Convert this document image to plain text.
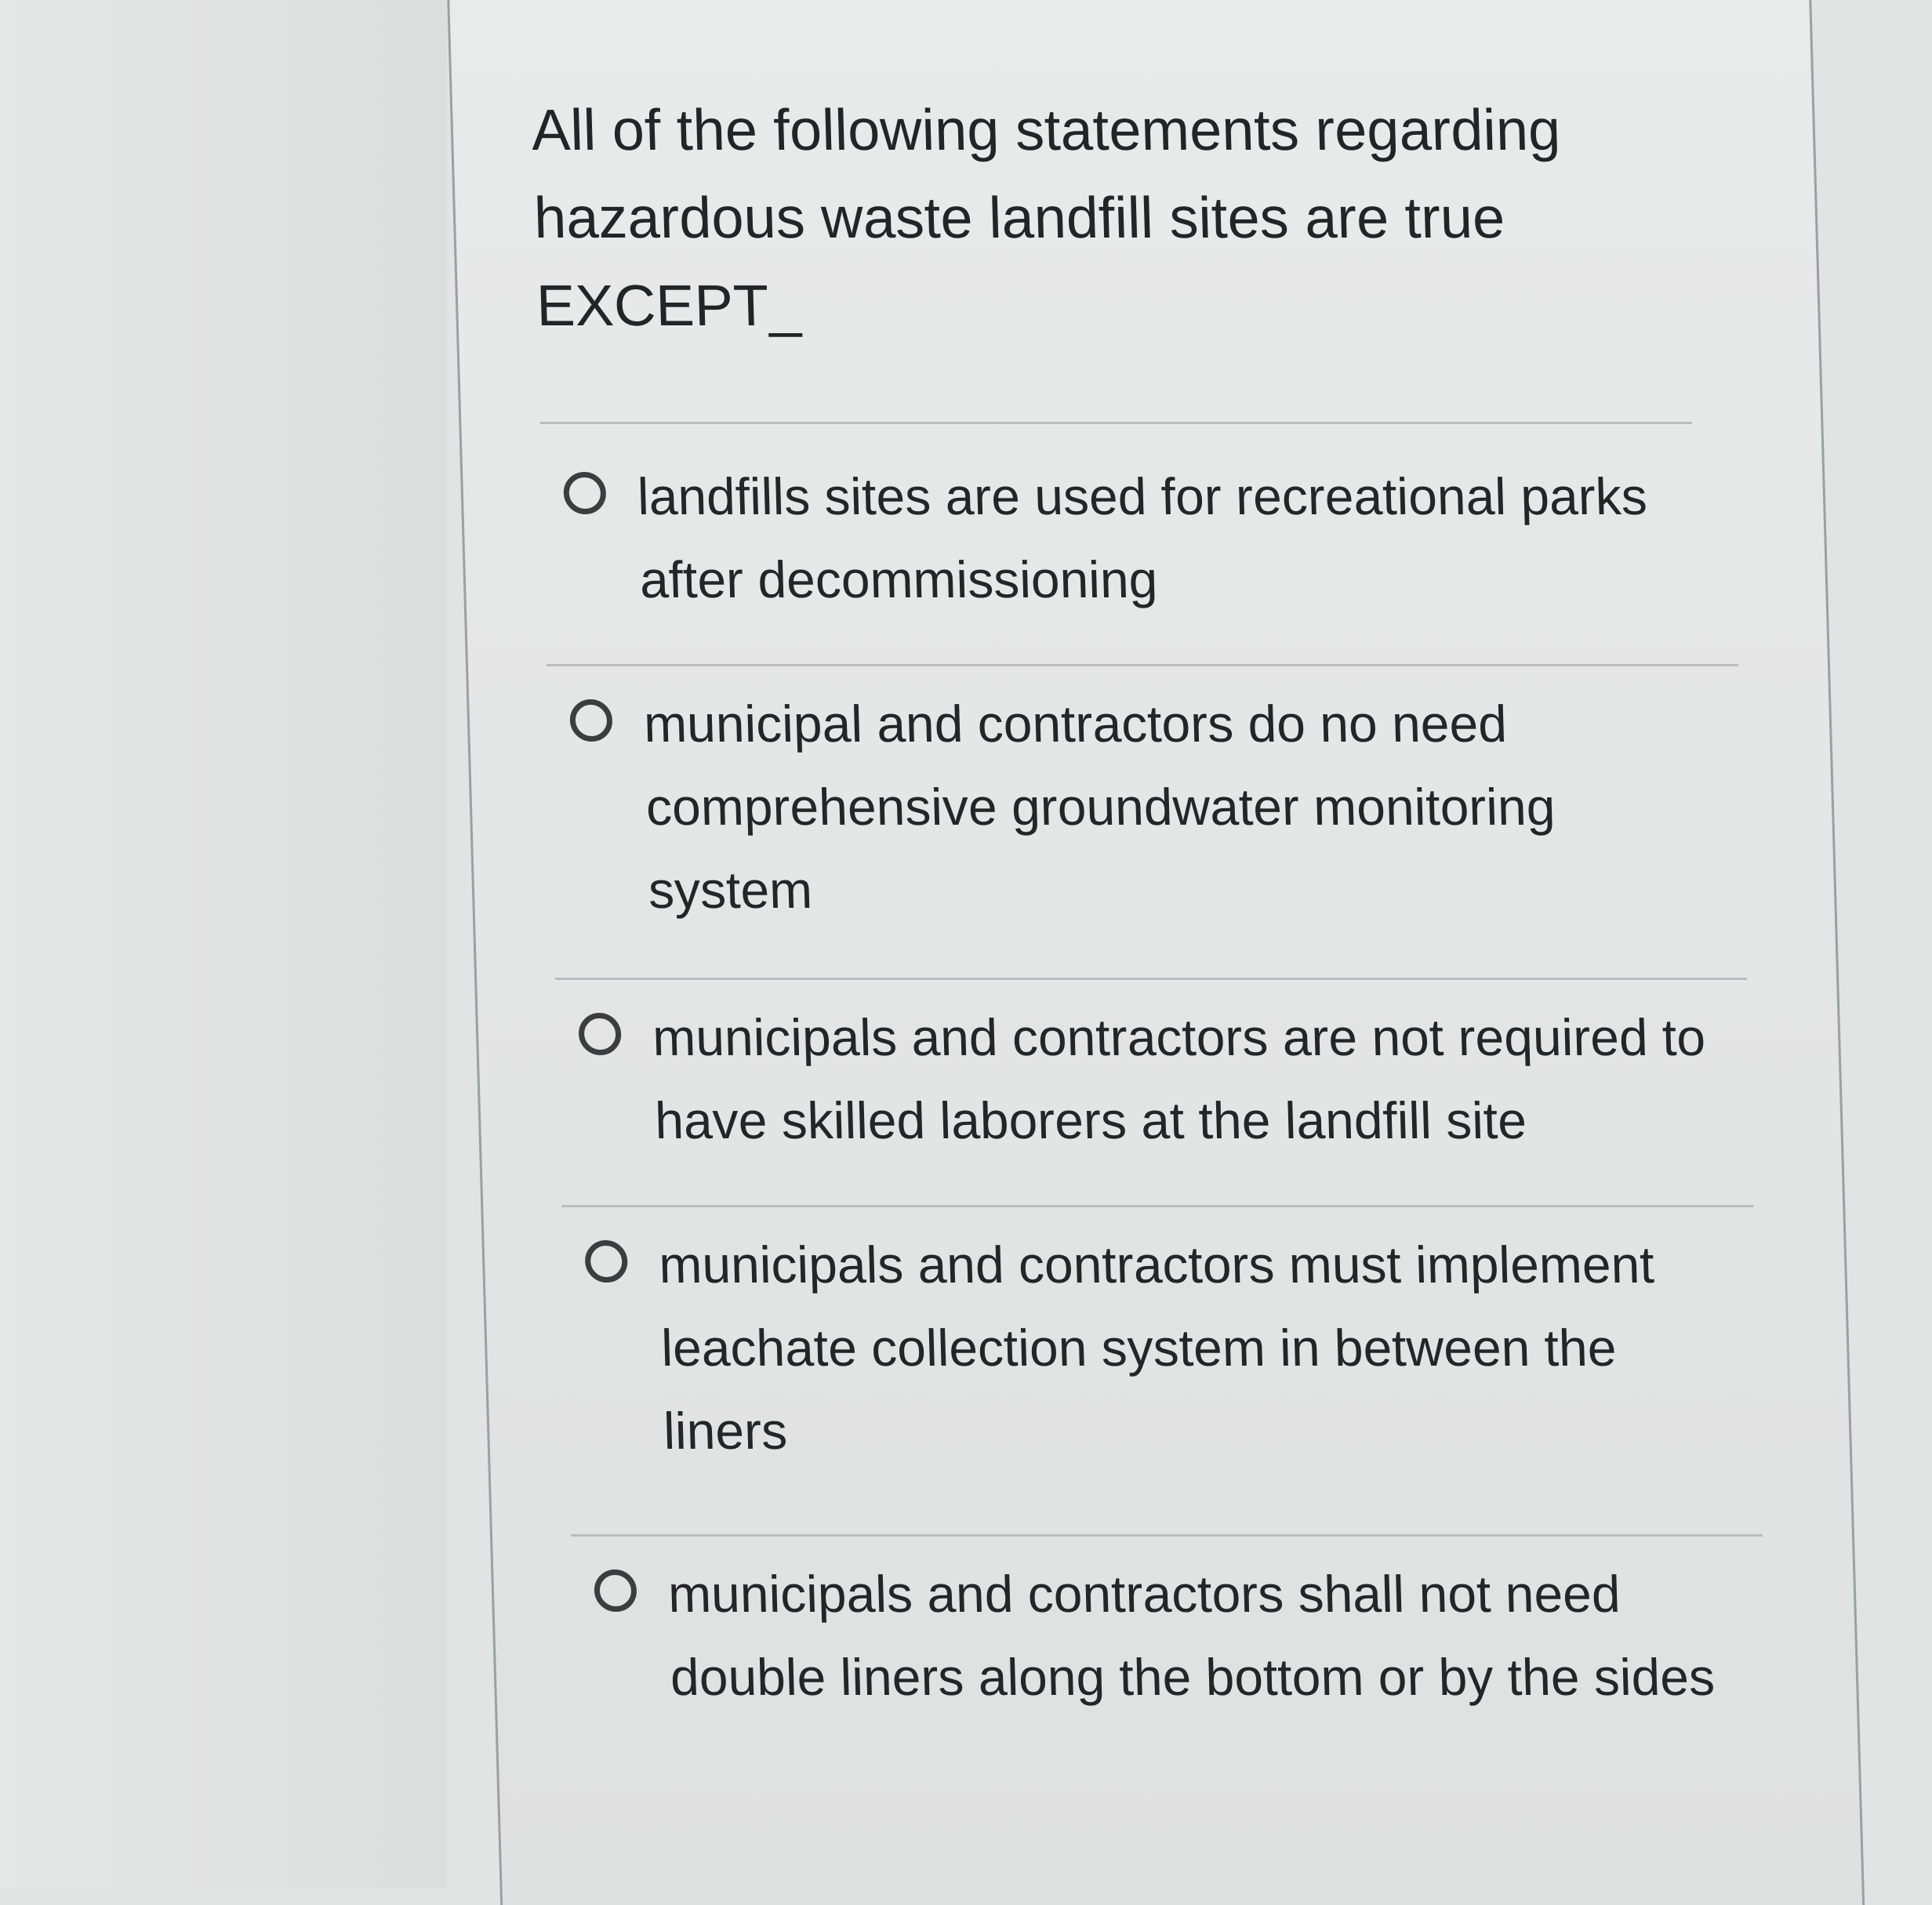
All of the following statements regarding
hazardous waste landfill sites are true
EXCEPT_

landfills sites are used for recreational parks
after decommissioning
municipal and contractors do no need
comprehensive groundwater monitoring
system
municipals and contractors are not required to
have skilled laborers at the landfill site
municipals and contractors must implement
leachate collection system in between the
liners
municipals and contractors shall not need
double liners along the bottom or by the sides
